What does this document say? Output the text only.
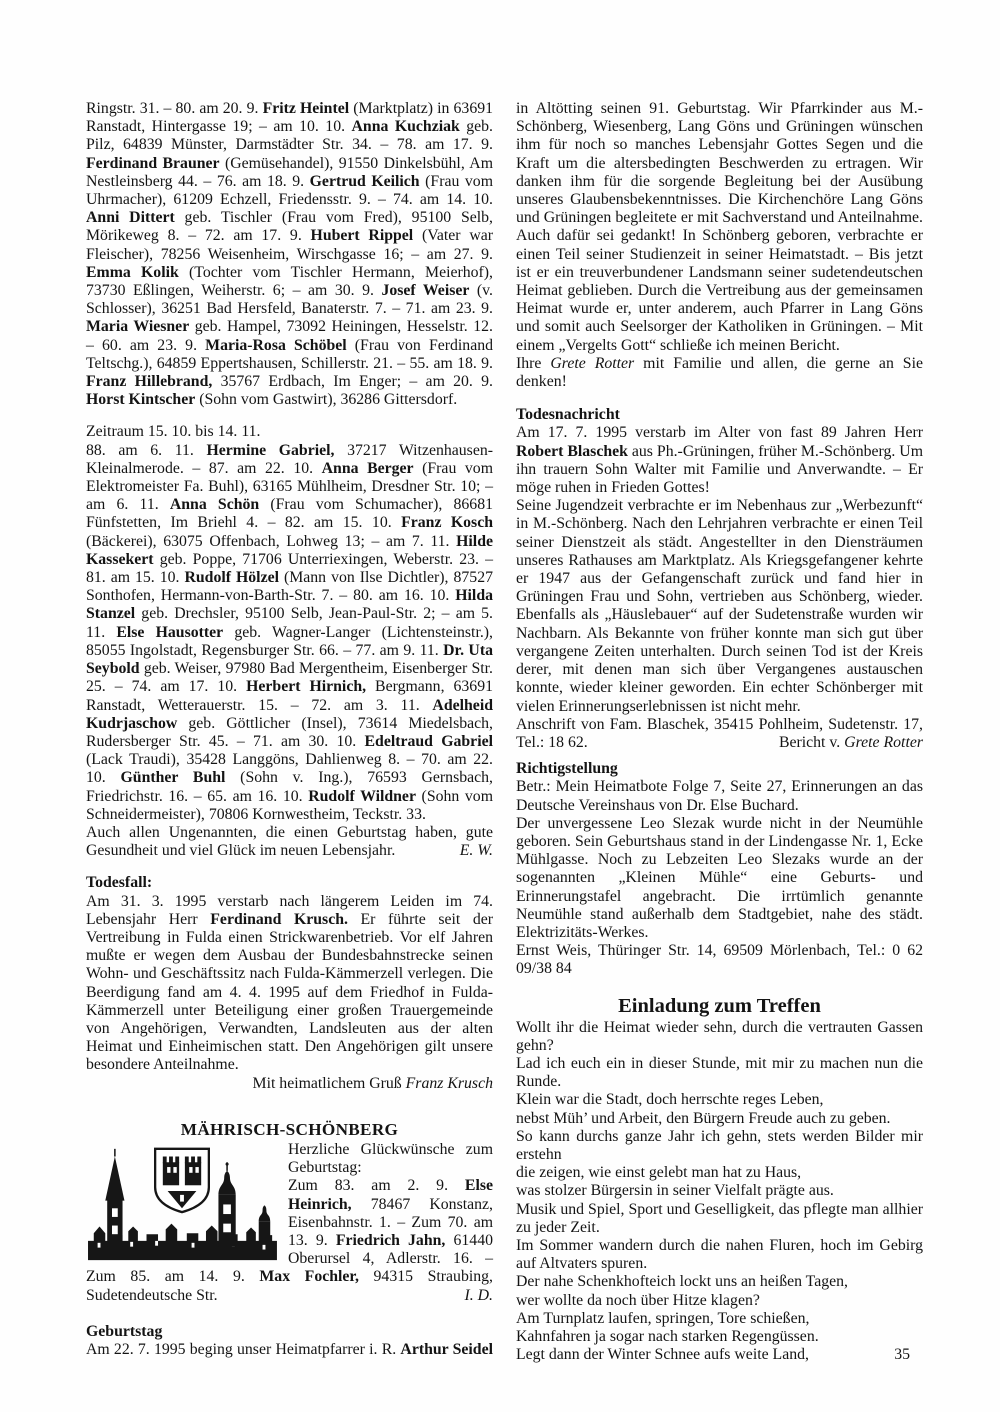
Ringstr. 31. – 80. am 20. 9. Fritz Heintel (Marktplatz) in 63691 Ranstadt, Hintergasse 19; – am 10. 10. Anna Kuchziak geb. Pilz, 64839 Münster, Darmstädter Str. 34. – 78. am 17. 9. Ferdinand Brauner (Gemüsehandel), 91550 Dinkelsbühl, Am Nestleinsberg 44. – 76. am 18. 9. Gertrud Keilich (Frau vom Uhrmacher), 61209 Echzell, Friedensstr. 9. – 74. am 14. 10. Anni Dittert geb. Tischler (Frau vom Fred), 95100 Selb, Mörikeweg 8. – 72. am 17. 9. Hubert Rippel (Vater war Fleischer), 78256 Weisenheim, Wirschgasse 16; – am 27. 9. Emma Kolik (Tochter vom Tischler Hermann, Meierhof), 73730 Eßlingen, Weiherstr. 6; – am 30. 9. Josef Weiser (v. Schlosser), 36251 Bad Hersfeld, Banaterstr. 7. – 71. am 23. 9. Maria Wiesner geb. Hampel, 73092 Heiningen, Hesselstr. 12. – 60. am 23. 9. Maria-Rosa Schöbel (Frau von Ferdinand Teltschg.), 64859 Eppertshausen, Schillerstr. 21. – 55. am 18. 9. Franz Hillebrand, 35767 Erdbach, Im Enger; – am 20. 9. Horst Kintscher (Sohn vom Gastwirt), 36286 Gittersdorf.

Zeitraum 15. 10. bis 14. 11.

88. am 6. 11. Hermine Gabriel, 37217 Witzenhausen-Kleinalmerode. – 87. am 22. 10. Anna Berger (Frau vom Elektromeister Fa. Buhl), 63165 Mühlheim, Dresdner Str. 10; – am 6. 11. Anna Schön (Frau vom Schumacher), 86681 Fünfstetten, Im Briehl 4. – 82. am 15. 10. Franz Kosch (Bäckerei), 63075 Offenbach, Lohweg 13; – am 7. 11. Hilde Kassekert geb. Poppe, 71706 Unterriexingen, Weberstr. 23. – 81. am 15. 10. Rudolf Hölzel (Mann von Ilse Dichtler), 87527 Sonthofen, Hermann-von-Barth-Str. 7. – 80. am 16. 10. Hilda Stanzel geb. Drechsler, 95100 Selb, Jean-Paul-Str. 2; – am 5. 11. Else Hausotter geb. Wagner-Langer (Lichtensteinstr.), 85055 Ingolstadt, Regensburger Str. 66. – 77. am 9. 11. Dr. Uta Seybold geb. Weiser, 97980 Bad Mergentheim, Eisenberger Str. 25. – 74. am 17. 10. Herbert Hirnich, Bergmann, 63691 Ranstadt, Wetterauerstr. 15. – 72. am 3. 11. Adelheid Kudrjaschow geb. Göttlicher (Insel), 73614 Miedelsbach, Rudersberger Str. 45. – 71. am 30. 10. Edeltraud Gabriel (Lack Traudi), 35428 Langgöns, Dahlienweg 8. – 70. am 22. 10. Günther Buhl (Sohn v. Ing.), 76593 Gernsbach, Friedrichstr. 16. – 65. am 16. 10. Rudolf Wildner (Sohn vom Schneidermeister), 70806 Kornwestheim, Teckstr. 33.

Auch allen Ungenannten, die einen Geburtstag haben, gute Gesundheit und viel Glück im neuen Lebensjahr.	E. W.

Todesfall:

Am 31. 3. 1995 verstarb nach längerem Leiden im 74. Lebensjahr Herr Ferdinand Krusch. Er führte seit der Vertreibung in Fulda einen Strickwarenbetrieb. Vor elf Jahren mußte er wegen dem Ausbau der Bundesbahnstrecke seinen Wohn- und Geschäftssitz nach Fulda-Kämmerzell verlegen. Die Beerdigung fand am 4. 4. 1995 auf dem Friedhof in Fulda-Kämmerzell unter Beteiligung einer großen Trauergemeinde von Angehörigen, Verwandten, Landsleuten aus der alten Heimat und Einheimischen statt. Den Angehörigen gilt unsere besondere Anteilnahme.

Mit heimatlichem Gruß Franz Krusch

MÄHRISCH-SCHÖNBERG

Herzliche Glückwünsche zum Geburtstag:
Zum 83. am 2. 9. Else Heinrich, 78467 Konstanz, Eisenbahnstr. 1. – Zum 70. am 13. 9. Friedrich Jahn, 61440 Oberursel 4, Adlerstr. 16. – Zum 85. am 14. 9. Max Fochler, 94315 Straubing, Sudetendeutsche Str.	I. D.

Geburtstag

Am 22. 7. 1995 beging unser Heimatpfarrer i. R. Arthur Seidel

in Altötting seinen 91. Geburtstag. Wir Pfarrkinder aus M.-Schönberg, Wiesenberg, Lang Göns und Grüningen wünschen ihm für noch so manches Lebensjahr Gottes Segen und die Kraft um die altersbedingten Beschwerden zu ertragen. Wir danken ihm für die sorgende Begleitung bei der Ausübung unseres Glaubensbekenntnisses. Die Kirchenchöre Lang Göns und Grüningen begleitete er mit Sachverstand und Anteilnahme. Auch dafür sei gedankt! In Schönberg geboren, verbrachte er einen Teil seiner Studienzeit in seiner Heimatstadt. – Bis jetzt ist er ein treuverbundener Landsmann seiner sudetendeutschen Heimat geblieben. Durch die Vertreibung aus der gemeinsamen Heimat wurde er, unter anderem, auch Pfarrer in Lang Göns und somit auch Seelsorger der Katholiken in Grüningen. – Mit einem „Vergelts Gott“ schließe ich meinen Bericht.

Ihre Grete Rotter mit Familie und allen, die gerne an Sie denken!

Todesnachricht

Am 17. 7. 1995 verstarb im Alter von fast 89 Jahren Herr Robert Blaschek aus Ph.-Grüningen, früher M.-Schönberg. Um ihn trauern Sohn Walter mit Familie und Anverwandte. – Er möge ruhen in Frieden Gottes!

Seine Jugendzeit verbrachte er im Nebenhaus zur „Werbezunft“ in M.-Schönberg. Nach den Lehrjahren verbrachte er einen Teil seiner Dienstzeit als städt. Angestellter in den Diensträumen unseres Rathauses am Marktplatz. Als Kriegsgefangener kehrte er 1947 aus der Gefangenschaft zurück und fand hier in Grüningen Frau und Sohn, vertrieben aus Schönberg, wieder. Ebenfalls als „Häuslebauer“ auf der Sudetenstraße wurden wir Nachbarn. Als Bekannte von früher konnte man sich gut über vergangene Zeiten unterhalten. Durch seinen Tod ist der Kreis derer, mit denen man sich über Vergangenes austauschen konnte, wieder kleiner geworden. Ein echter Schönberger mit vielen Erinnerungserlebnissen ist nicht mehr.

Anschrift von Fam. Blaschek, 35415 Pohlheim, Sudetenstr. 17, Tel.: 18 62.	Bericht v. Grete Rotter

Richtigstellung

Betr.: Mein Heimatbote Folge 7, Seite 27, Erinnerungen an das Deutsche Vereinshaus von Dr. Else Buchard.

Der unvergessene Leo Slezak wurde nicht in der Neumühle geboren. Sein Geburtshaus stand in der Lindengasse Nr. 1, Ecke Mühlgasse. Noch zu Lebzeiten Leo Slezaks wurde an der sogenannten „Kleinen Mühle“ eine Geburts- und Erinnerungstafel angebracht. Die irrtümlich genannte Neumühle stand außerhalb dem Stadtgebiet, nahe des städt. Elektrizitäts-Werkes.

Ernst Weis, Thüringer Str. 14, 69509 Mörlenbach, Tel.: 0 62 09/38 84

Einladung zum Treffen

Wollt ihr die Heimat wieder sehn, durch die vertrauten Gassen gehn?

Lad ich euch ein in dieser Stunde, mit mir zu machen nun die Runde.

Klein war die Stadt, doch herrschte reges Leben,

nebst Müh’ und Arbeit, den Bürgern Freude auch zu geben.

So kann durchs ganze Jahr ich gehn, stets werden Bilder mir erstehn

die zeigen, wie einst gelebt man hat zu Haus,

was stolzer Bürgersin in seiner Vielfalt prägte aus.

Musik und Spiel, Sport und Geselligkeit, das pflegte man allhier zu jeder Zeit.

Im Sommer wandern durch die nahen Fluren, hoch im Gebirg auf Altvaters spuren.

Der nahe Schenkhofteich lockt uns an heißen Tagen,

wer wollte da noch über Hitze klagen?

Am Turnplatz laufen, springen, Tore schießen,

Kahnfahren ja sogar nach starken Regengüssen.

Legt dann der Winter Schnee aufs weite Land,	35
